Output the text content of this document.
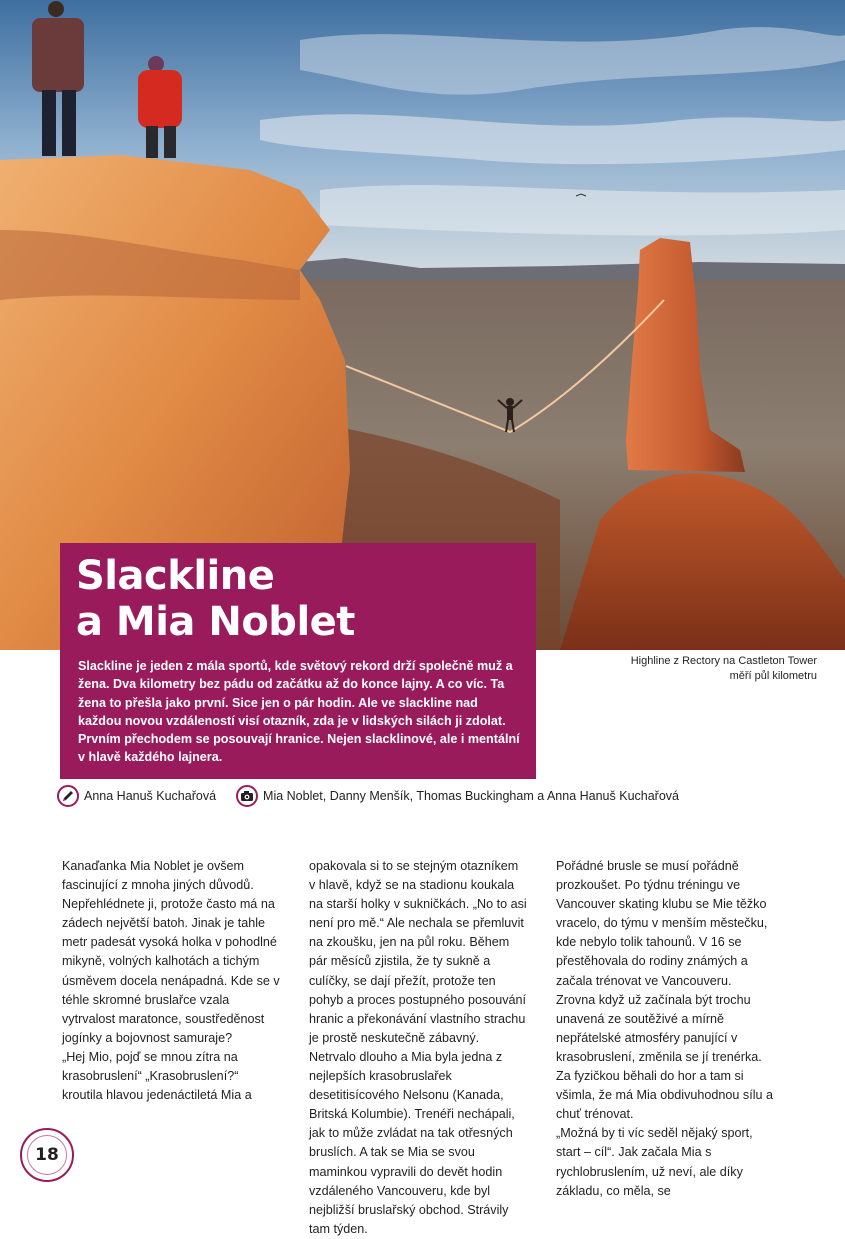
Slackline
a Mia Noblet

Slackline je jeden z mála sportů, kde světový rekord drží společně muž a žena. Dva kilometry bez pádu od začátku až do konce lajny. A co víc. Ta žena to přešla jako první. Sice jen o pár hodin. Ale ve slackline nad každou novou vzdáleností visí otazník, zda je v lidských silách ji zdolat. Prvním přechodem se posouvají hranice. Nejen slacklinové, ale i mentální v hlavě každého lajnera.

Highline z Rectory na Castleton Tower
měří půl kilometru
Anna Hanuš Kuchařová	Mia Noblet, Danny Menšík, Thomas Buckingham a Anna Hanuš Kuchařová

Kanaďanka Mia Noblet je ovšem fascinující z mnoha jiných důvodů. Nepřehlédnete ji, protože často má na zádech největší batoh. Jinak je tahle metr padesát vysoká holka v pohodlné mikyně, volných kalhotách a tichým úsměvem docela nenápadná. Kde se v téhle skromné bruslařce vzala vytrvalost maratonce, soustředěnost jogínky a bojovnost samuraje?

„Hej Mio, pojď se mnou zítra na krasobruslení“ „Krasobruslení?“ kroutila hlavou jedenáctiletá Mia a

opakovala si to se stejným otazníkem v hlavě, když se na stadionu koukala na starší holky v sukničkách. „No to asi není pro mě.“ Ale nechala se přemluvit na zkoušku, jen na půl roku. Během pár měsíců zjistila, že ty sukně a culíčky, se dají přežít, protože ten pohyb a proces postupného posouvání hranic a překonávání vlastního strachu je prostě neskutečně zábavný. Netrvalo dlouho a Mia byla jedna z nejlepších krasobruslařek desetitisícového Nelsonu (Kanada, Britská Kolumbie). Trenéři nechápali, jak to může zvládat na tak otřesných bruslích. A tak se Mia se svou maminkou vypravili do devět hodin vzdáleného Vancouveru, kde byl nejbližší bruslařský obchod. Strávily tam týden.

Pořádné brusle se musí pořádně prozkoušet. Po týdnu tréningu ve Vancouver skating klubu se Mie těžko vracelo, do týmu v menším městečku, kde nebylo tolik tahounů. V 16 se přestěhovala do rodiny známých a začala trénovat ve Vancouveru. Zrovna když už začínala být trochu unavená ze soutěživé a mírně nepřátelské atmosféry panující v krasobruslení, změnila se jí trenérka. Za fyzičkou běhali do hor a tam si všimla, že má Mia obdivuhodnou sílu a chuť trénovat.

„Možná by ti víc seděl nějaký sport, start – cíl“. Jak začala Mia s rychlobruslením, už neví, ale díky základu, co měla, se

18
